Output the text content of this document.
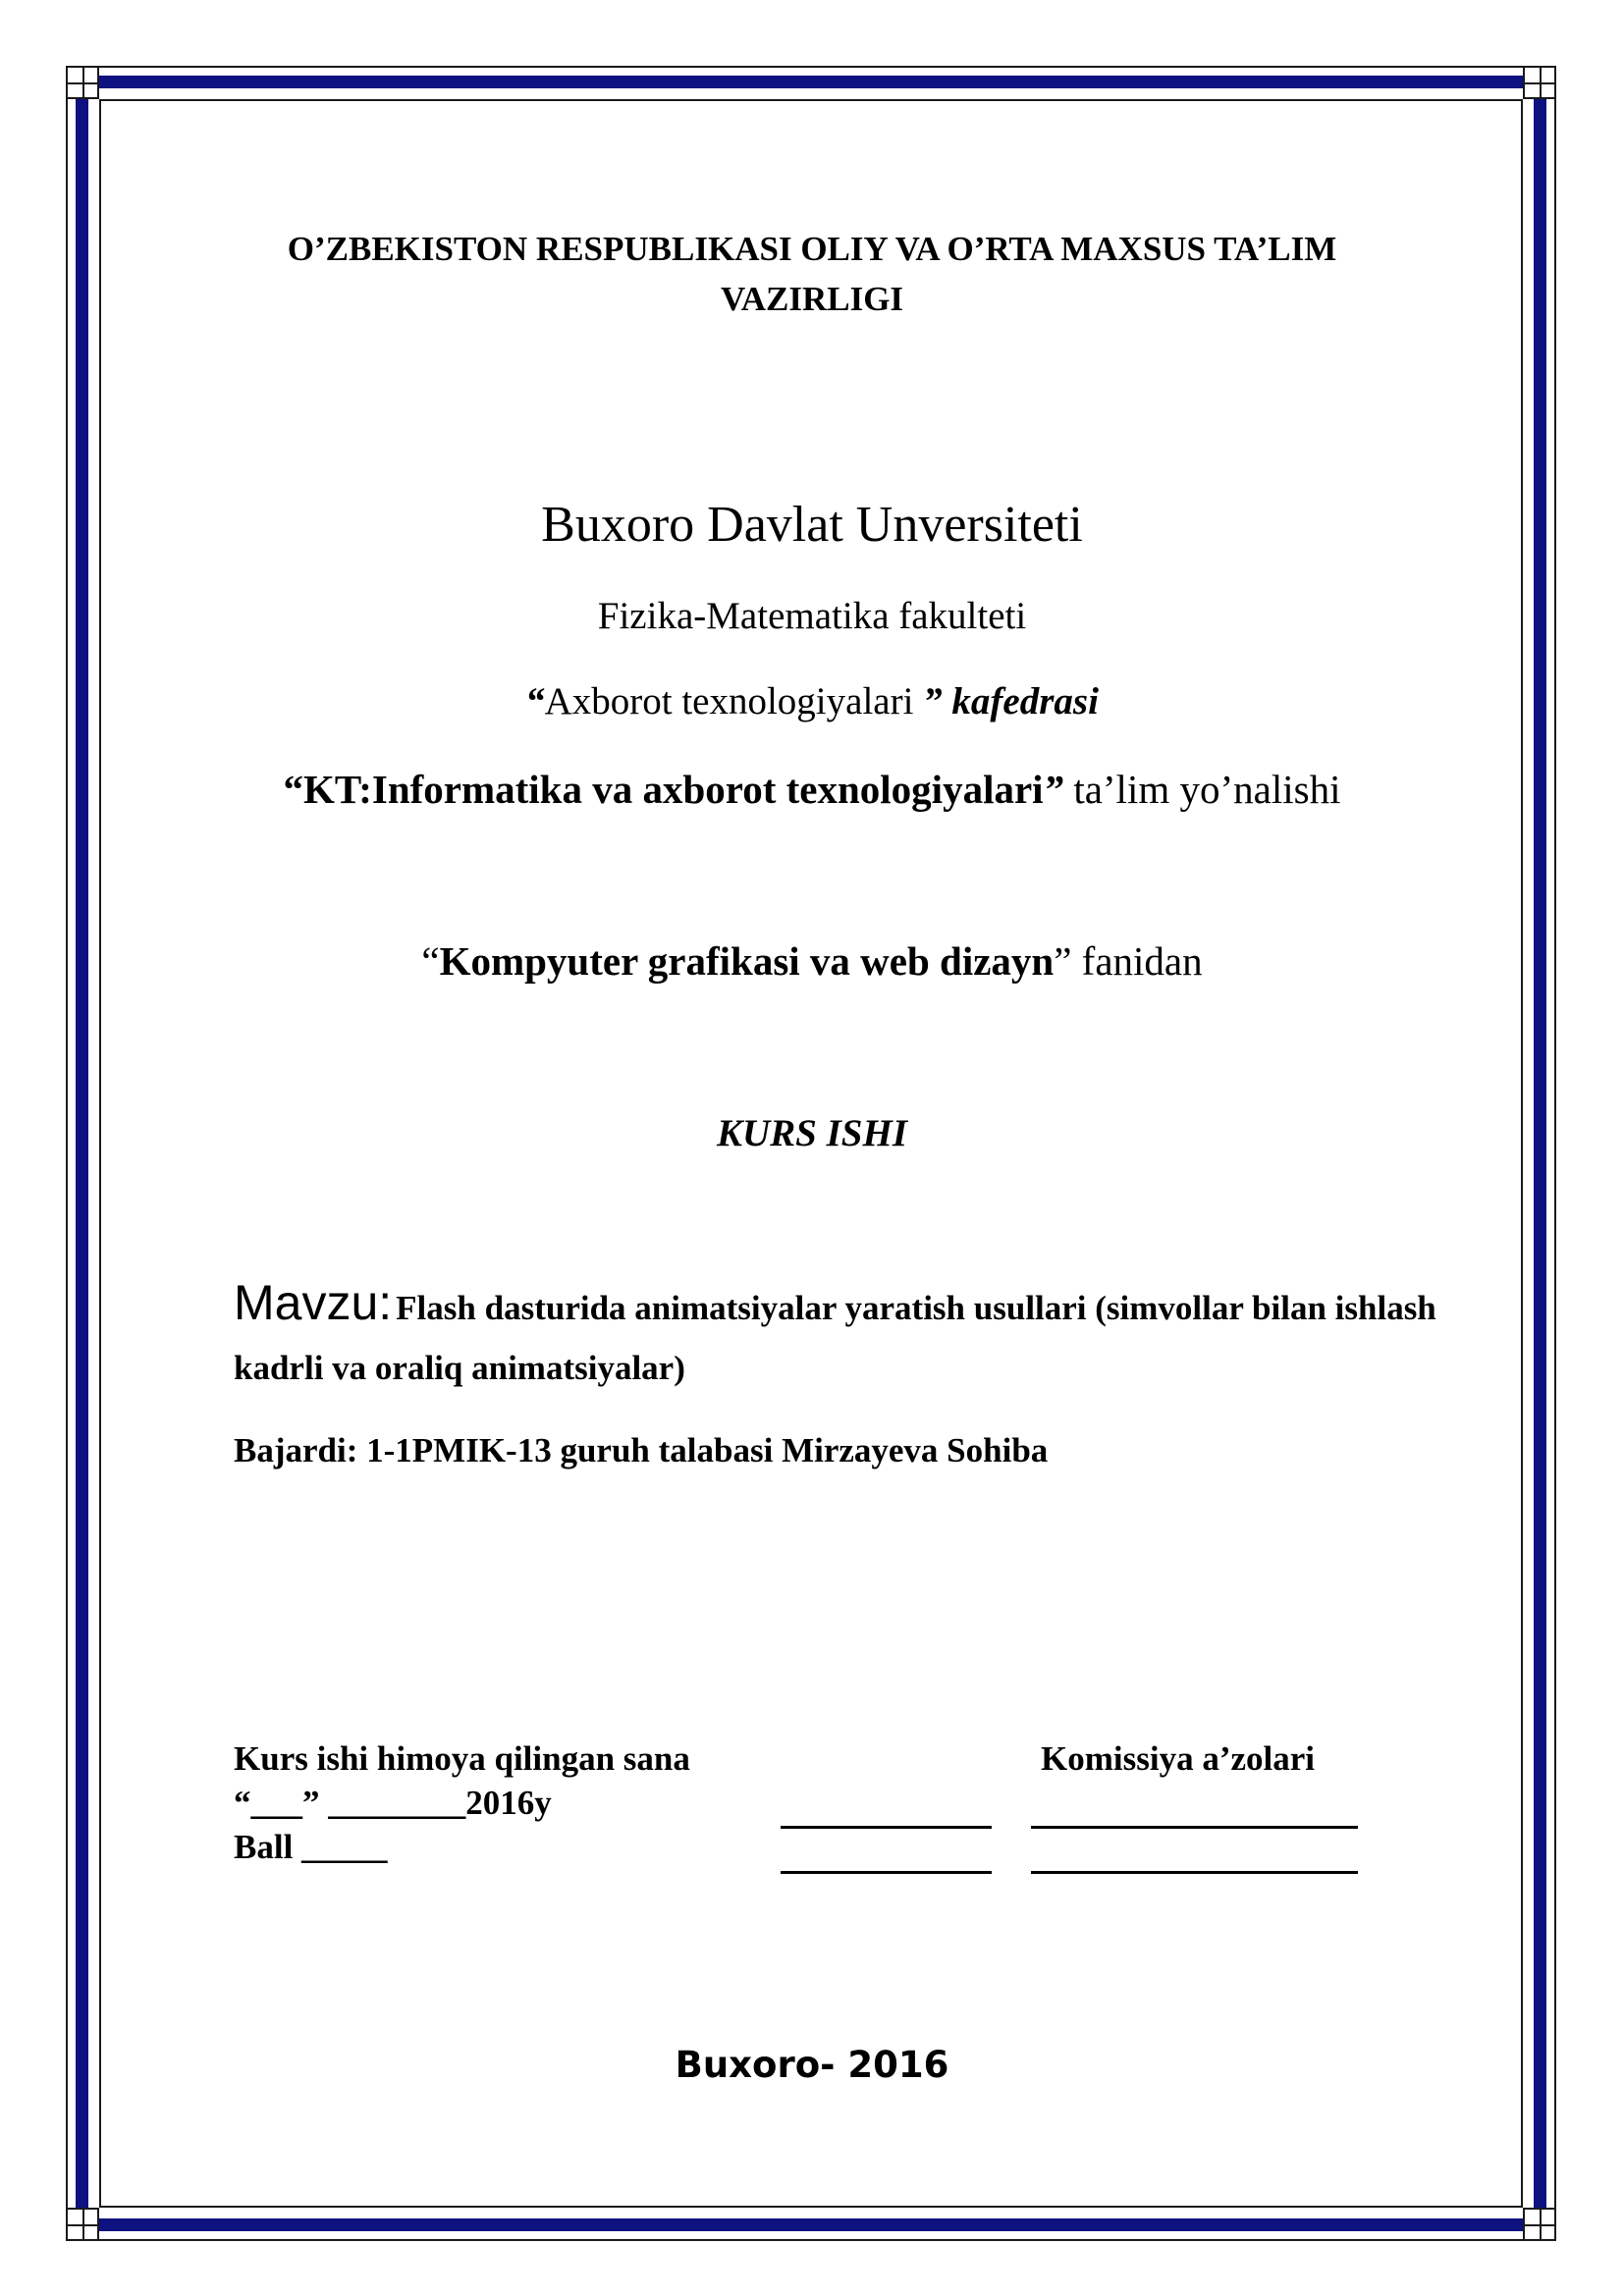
O’ZBEKISTON RESPUBLIKASI OLIY VA O’RTA MAXSUS TA’LIM VAZIRLIGI
Buxoro Davlat Unversiteti
Fizika-Matematika fakulteti
“Axborot texnologiyalari ” kafedrasi
“KT:Informatika va axborot texnologiyalari” ta’lim yo’nalishi
“Kompyuter grafikasi va web dizayn” fanidan
KURS ISHI
Mavzu: Flash dasturida animatsiyalar yaratish usullari (simvollar bilan ishlash kadrli va oraliq animatsiyalar)
Bajardi: 1-1PMIK-13 guruh talabasi Mirzayeva Sohiba
Kurs ishi himoya qilingan sana
“___” ________2016y
Ball _____
Komissiya a’zolari
Buxoro- 2016
